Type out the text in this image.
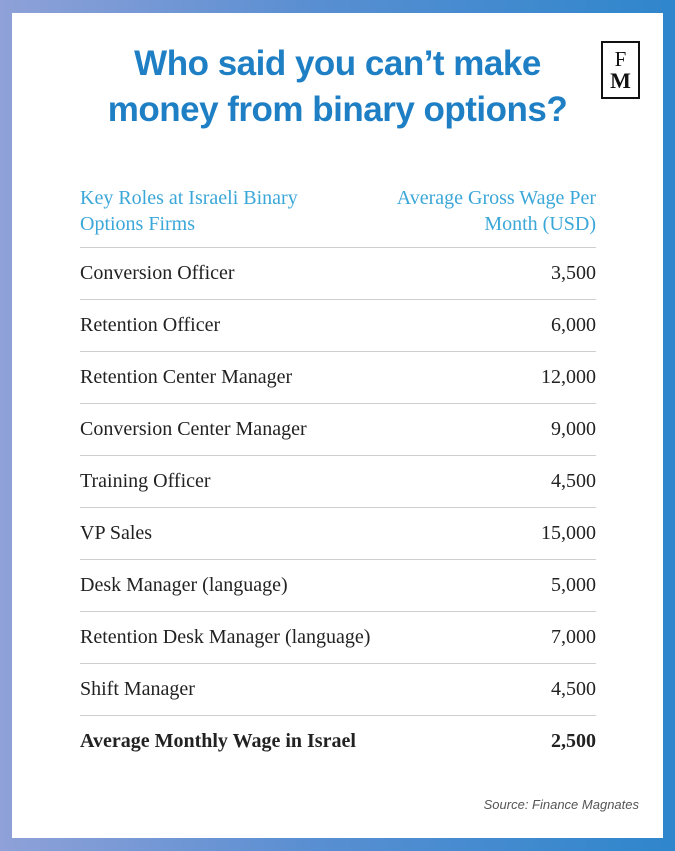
Who said you can’t make
money from binary options?
F
M
Key Roles at Israeli Binary Options Firms
Average Gross Wage Per Month (USD)
Conversion Officer	3,500
Retention Officer	6,000
Retention Center Manager	12,000
Conversion Center Manager	9,000
Training Officer	4,500
VP Sales	15,000
Desk Manager (language)	5,000
Retention Desk Manager (language)	7,000
Shift Manager	4,500
Average Monthly Wage in Israel	2,500
Source: Finance Magnates
